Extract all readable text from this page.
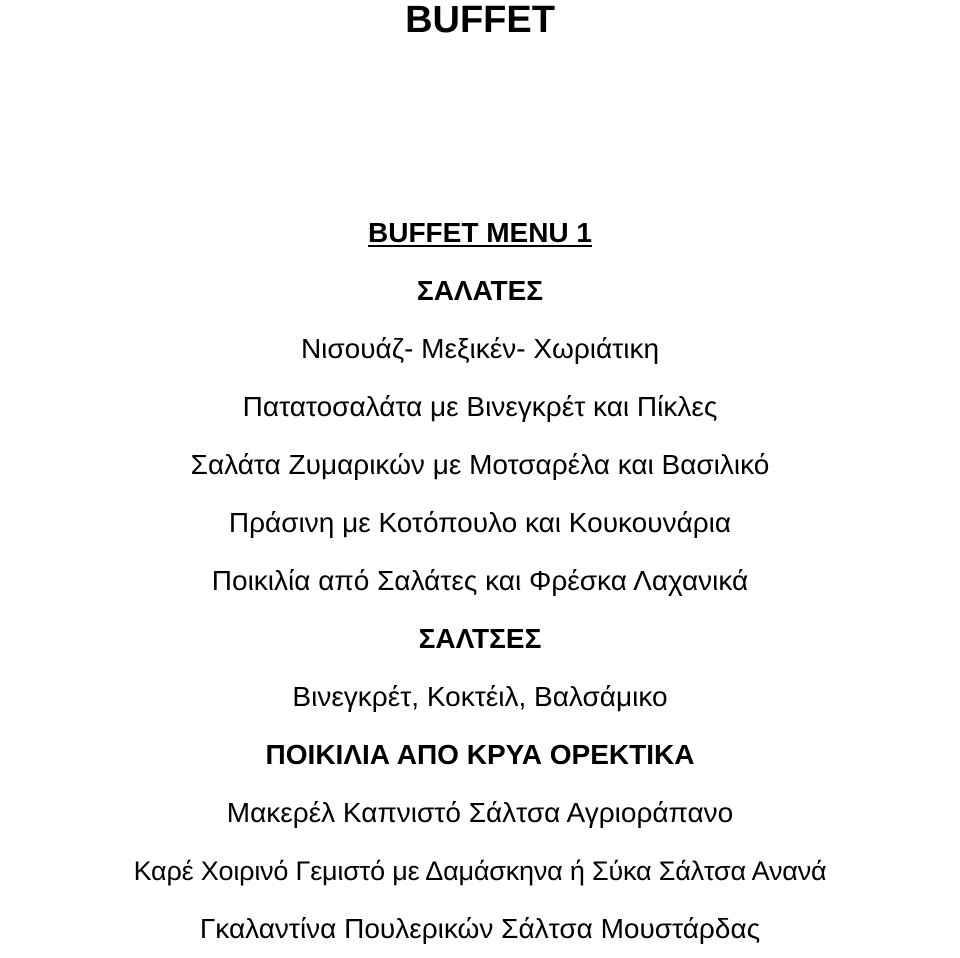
BUFFET
BUFFET MENU 1
ΣΑΛΑΤΕΣ
Νισουάζ- Μεξικέν- Χωριάτικη
Πατατοσαλάτα με Βινεγκρέτ και Πίκλες
Σαλάτα Ζυμαρικών με Μοτσαρέλα και Βασιλικό
Πράσινη με Κοτόπουλο και Κουκουνάρια
Ποικιλία από Σαλάτες και Φρέσκα Λαχανικά
ΣΑΛΤΣΕΣ
Βινεγκρέτ, Κοκτέιλ, Βαλσάμικο
ΠΟΙΚΙΛΙΑ ΑΠΟ ΚΡΥΑ ΟΡΕΚΤΙΚΑ
Μακερέλ Καπνιστό Σάλτσα Αγριοράπανο
Καρέ Χοιρινό Γεμιστό με Δαμάσκηνα ή Σύκα Σάλτσα Ανανά
Γκαλαντίνα Πουλερικών Σάλτσα Μουστάρδας
